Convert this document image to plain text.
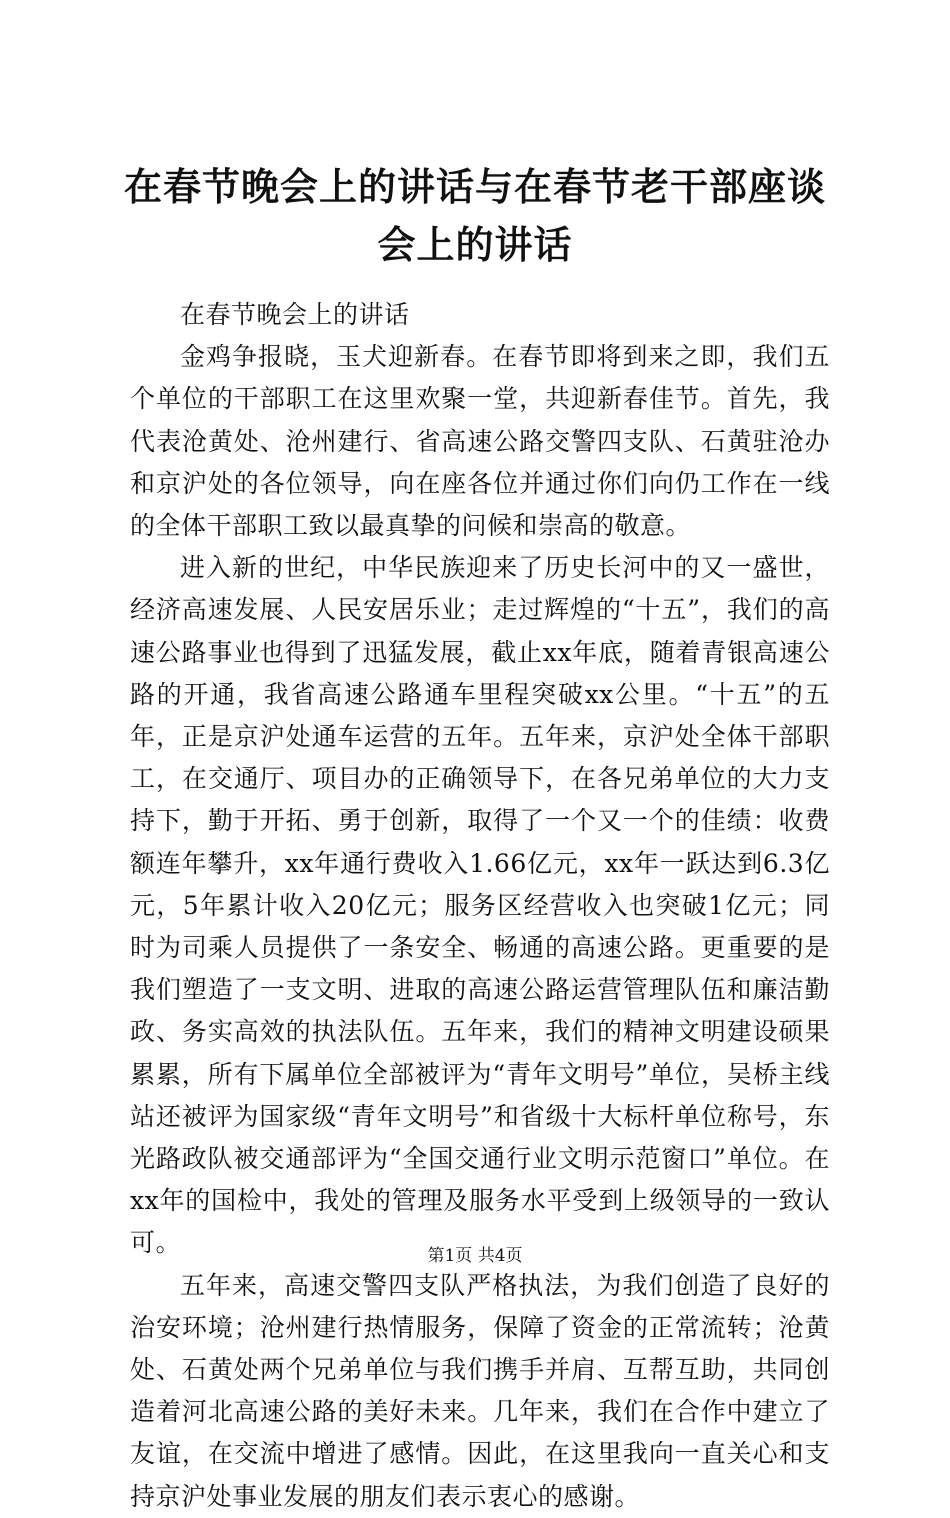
在春节晚会上的讲话与在春节老干部座谈会上的讲话

在春节晚会上的讲话

金鸡争报晓，玉犬迎新春。在春节即将到来之即，我们五个单位的干部职工在这里欢聚一堂，共迎新春佳节。首先，我代表沧黄处、沧州建行、省高速公路交警四支队、石黄驻沧办和京沪处的各位领导，向在座各位并通过你们向仍工作在一线的全体干部职工致以最真挚的问候和崇高的敬意。

进入新的世纪，中华民族迎来了历史长河中的又一盛世，经济高速发展、人民安居乐业；走过辉煌的“十五”，我们的高速公路事业也得到了迅猛发展，截止xx年底，随着青银高速公路的开通，我省高速公路通车里程突破xx公里。“十五”的五年，正是京沪处通车运营的五年。五年来，京沪处全体干部职工，在交通厅、项目办的正确领导下，在各兄弟单位的大力支持下，勤于开拓、勇于创新，取得了一个又一个的佳绩：收费额连年攀升，xx年通行费收入1.66亿元，xx年一跃达到6.3亿元，5年累计收入20亿元；服务区经营收入也突破1亿元；同时为司乘人员提供了一条安全、畅通的高速公路。更重要的是我们塑造了一支文明、进取的高速公路运营管理队伍和廉洁勤政、务实高效的执法队伍。五年来，我们的精神文明建设硕果累累，所有下属单位全部被评为“青年文明号”单位，吴桥主线站还被评为国家级“青年文明号”和省级十大标杆单位称号，东光路政队被交通部评为“全国交通行业文明示范窗口”单位。在xx年的国检中，我处的管理及服务水平受到上级领导的一致认可。

五年来，高速交警四支队严格执法，为我们创造了良好的治安环境；沧州建行热情服务，保障了资金的正常流转；沧黄处、石黄处两个兄弟单位与我们携手并肩、互帮互助，共同创造着河北高速公路的美好未来。几年来，我们在合作中建立了友谊，在交流中增进了感情。因此，在这里我向一直关心和支持京沪处事业发展的朋友们表示衷心的感谢。

第1页 共4页
